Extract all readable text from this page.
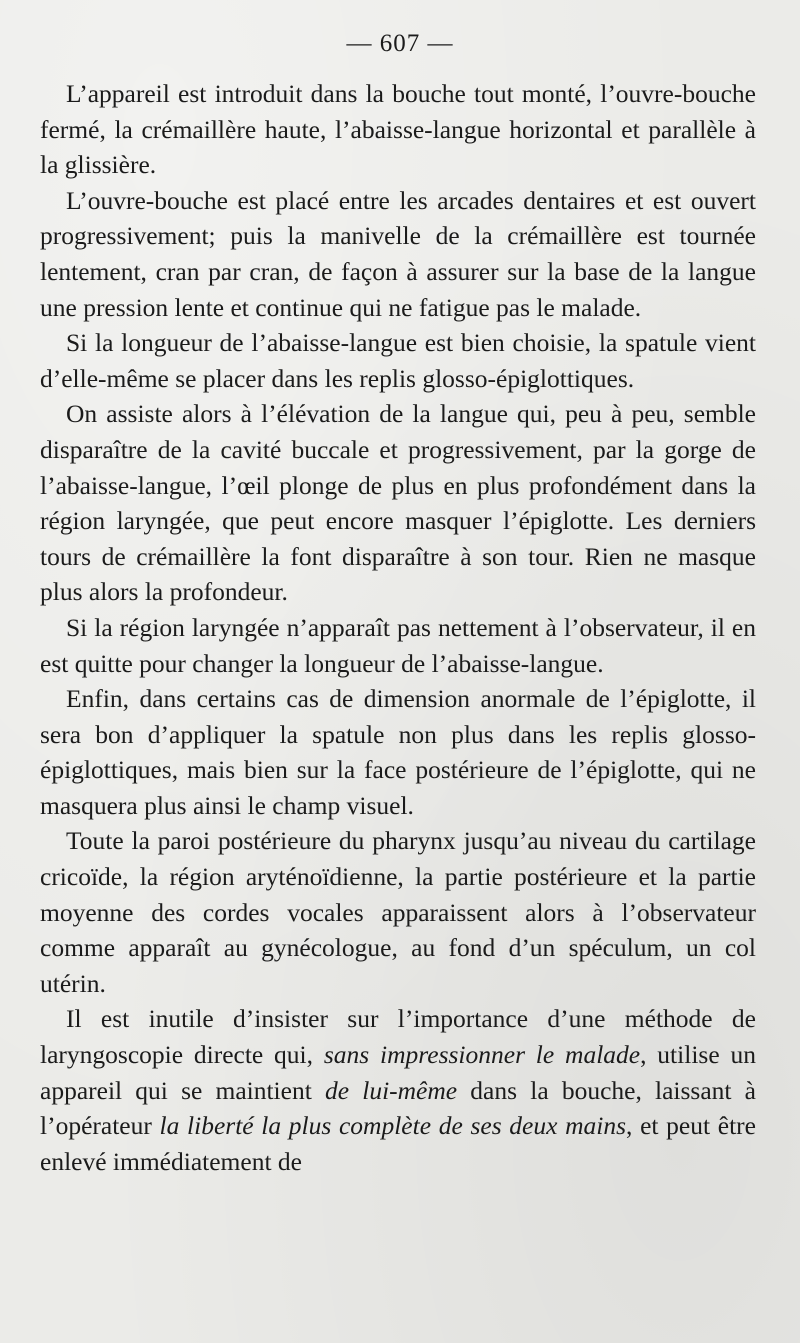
— 607 —

L’appareil est introduit dans la bouche tout monté, l’ouvre-bouche fermé, la crémaillère haute, l’abaisse-langue horizontal et parallèle à la glissière.

L’ouvre-bouche est placé entre les arcades dentaires et est ouvert progressivement; puis la manivelle de la crémaillère est tournée lentement, cran par cran, de façon à assurer sur la base de la langue une pression lente et continue qui ne fatigue pas le malade.

Si la longueur de l’abaisse-langue est bien choisie, la spatule vient d’elle-même se placer dans les replis glosso-épiglottiques.

On assiste alors à l’élévation de la langue qui, peu à peu, semble disparaître de la cavité buccale et progressivement, par la gorge de l’abaisse-langue, l’œil plonge de plus en plus profondément dans la région laryngée, que peut encore masquer l’épiglotte. Les derniers tours de crémaillère la font disparaître à son tour. Rien ne masque plus alors la profondeur.

Si la région laryngée n’apparaît pas nettement à l’observateur, il en est quitte pour changer la longueur de l’abaisse-langue.

Enfin, dans certains cas de dimension anormale de l’épiglotte, il sera bon d’appliquer la spatule non plus dans les replis glosso-épiglottiques, mais bien sur la face postérieure de l’épiglotte, qui ne masquera plus ainsi le champ visuel.

Toute la paroi postérieure du pharynx jusqu’au niveau du cartilage cricoïde, la région aryténoïdienne, la partie postérieure et la partie moyenne des cordes vocales apparaissent alors à l’observateur comme apparaît au gynécologue, au fond d’un spéculum, un col utérin.

Il est inutile d’insister sur l’importance d’une méthode de laryngoscopie directe qui, sans impressionner le malade, utilise un appareil qui se maintient de lui-même dans la bouche, laissant à l’opérateur la liberté la plus complète de ses deux mains, et peut être enlevé immédiatement de
